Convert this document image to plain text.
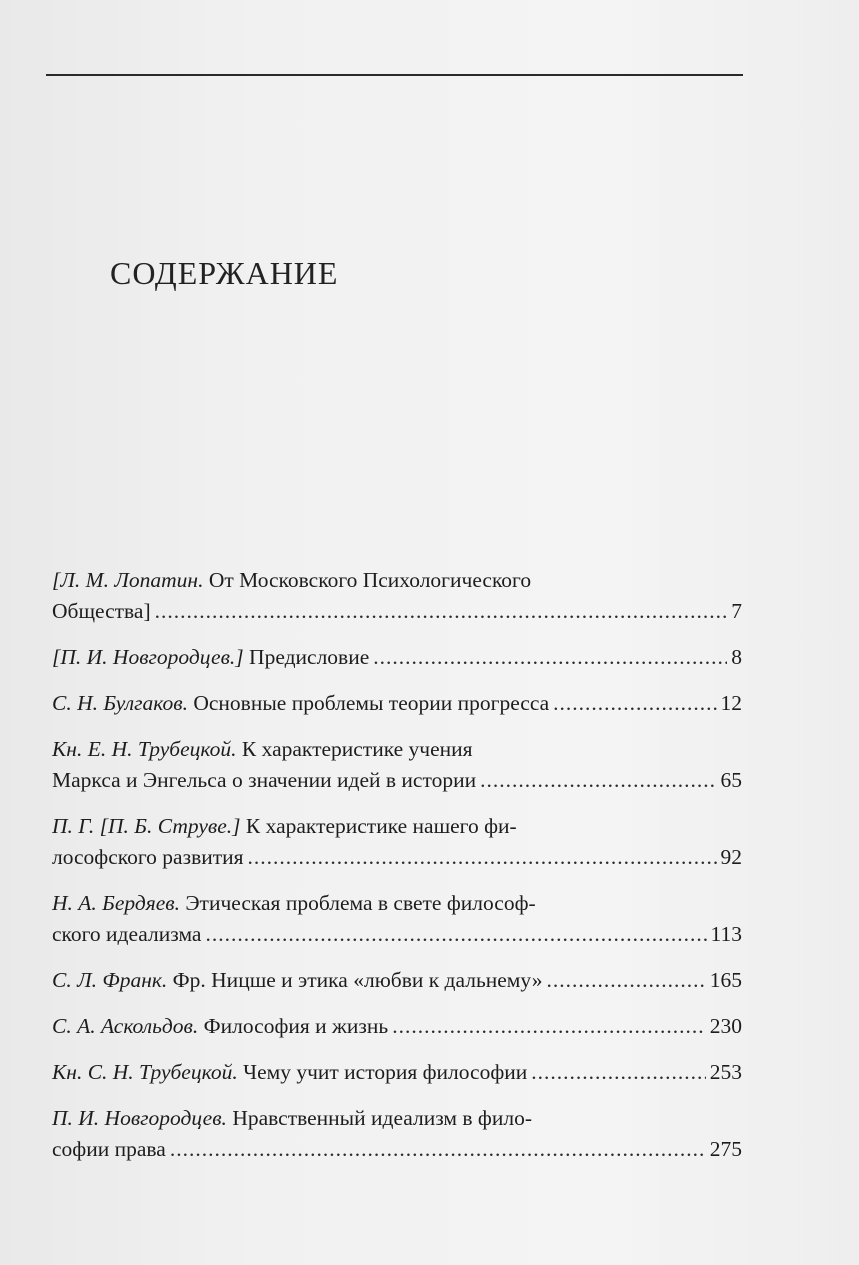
СОДЕРЖАНИЕ
[Л. М. Лопатин. От Московского Психологического
Общества] .....	7
[П. И. Новгородцев.] Предисловие .....	8
С. Н. Булгаков. Основные проблемы теории прогресса .....	12
Кн. Е. Н. Трубецкой. К характеристике учения
Маркса и Энгельса о значении идей в истории .....	65
П. Г. [П. Б. Струве.] К характеристике нашего фи-
лософского развития .....	92
Н. А. Бердяев. Этическая проблема в свете философ-
ского идеализма .....	113
С. Л. Франк. Фр. Ницше и этика «любви к дальнему» .....	165
С. А. Аскольдов. Философия и жизнь .....	230
Кн. С. Н. Трубецкой. Чему учит история философии .....	253
П. И. Новгородцев. Нравственный идеализм в фило-
софии права .....	275
